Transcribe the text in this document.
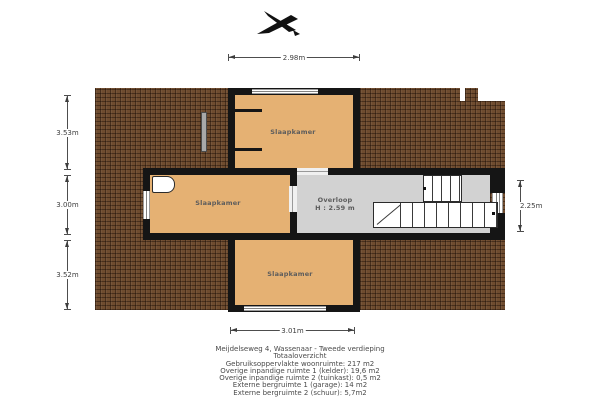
Slaapkamer
Slaapkamer
Slaapkamer
Overloop
H : 2.59 m
2.98m
3.53m
3.00m
3.52m
2.25m
3.01m
Meijdelseweg 4, Wassenaar - Tweede verdieping
Totaaloverzicht
Gebruiksoppervlakte woonruimte: 217 m2
Overige inpandige ruimte 1 (kelder): 19,6 m2
Overige inpandige ruimte 2 (tuinkast): 0,5 m2
Externe bergruimte 1 (garage): 14 m2
Externe bergruimte 2 (schuur): 5,7m2
